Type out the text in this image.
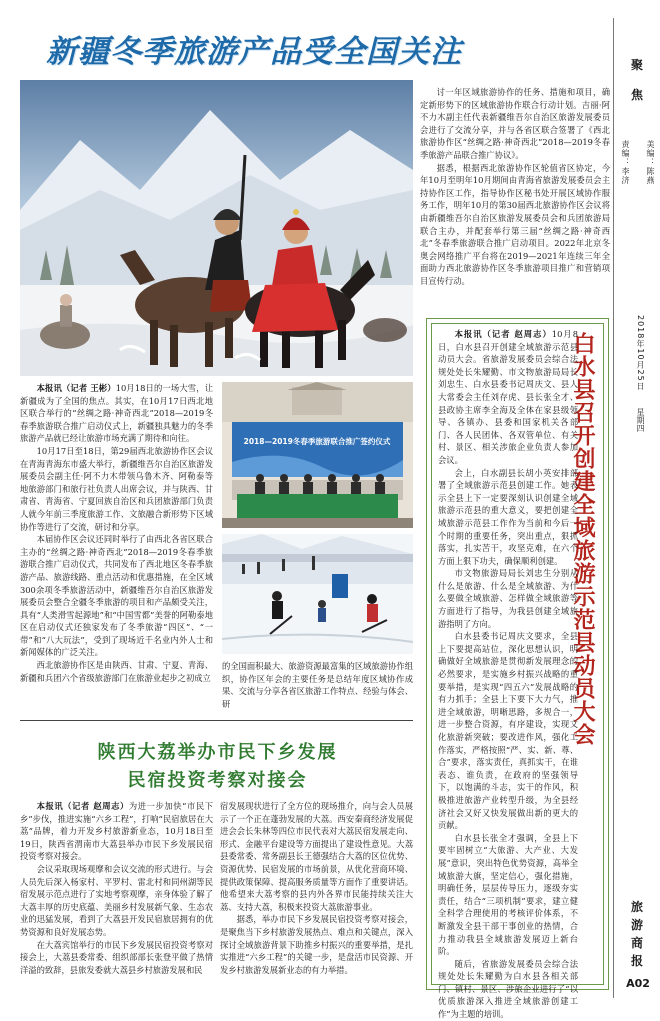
新疆冬季旅游产品受全国关注	聚
焦
责编：李济 美编：陈燕
2018年10月25日
星期四
旅
游
商
报
A02

本报讯（记者 王彬）10月18日的一场大雪，让新疆成为了全国的焦点。其实，在10月17日西北地区联合举行的“丝绸之路·神奇西北”2018—2019冬春季旅游联合推广启动仪式上，新疆独具魅力的冬季旅游产品就已经让旅游市场充满了期待和向往。

10月17日至18日，第29届西北旅游协作区会议在青海青海东市盛大举行，新疆维吾尔自治区旅游发展委员会副主任·阿不力木带领乌鲁木齐、阿勒泰等地旅游部门和旅行社负责人出席会议，并与陕西、甘肃省、青海省、宁夏回族自治区和兵团旅游部门负责人就今年前三季度旅游工作、文旅融合新形势下区域协作等进行了交流，研讨和分享。

本届协作区会议还同时举行了由西北各省区联合主办的“丝绸之路·神奇西北”2018—2019冬春季旅游联合推广启动仪式，共同发布了西北地区冬春季旅游产品、旅游线路、重点活动和优惠措施，在全区域300余项冬季旅游活动中，新疆维吾尔自治区旅游发展委员会整合全疆冬季旅游的项目和产品颇受关注，具有“人类滑雪起源地”和“中国雪都”美誉的阿勒泰地区在启动仪式还独家发布了冬季旅游“四区”、“一带”和“八大玩法”，受到了现场近千名业内外人士和新闻媒体的广泛关注。

西北旅游协作区是由陕西、甘肃、宁夏、青海、新疆和兵团六个省级旅游部门在旅游业起步之初成立

2018—2019冬春季旅游联合推广签约仪式

讨一年区域旅游协作的任务、措施和项目，确定新形势下的区域旅游协作联合行动计划。吉丽·阿不力木副主任代表新疆维吾尔自治区旅游发展委员会进行了交流分享，并与各省区联合签署了《西北旅游协作区“丝绸之路·神奇西北”2018—2019冬春季旅游产品联合推广协议》。

据悉，根据西北旅游协作区轮值省区协定，今年10月至明年10月期间由青海省旅游发展委员会主持协作区工作，指导协作区秘书处开展区域协作服务工作，明年10月的第30届西北旅游协作区会议将由新疆维吾尔自治区旅游发展委员会和兵团旅游局联合主办，并配套举行第三届“丝绸之路·神奇西北”冬春季旅游联合推广启动项目。2022年北京冬奥会网络推广平台将在2019—2021年连续三年全面助力西北旅游协作区冬季旅游项目推广和营销项目宣传行动。

的全国面积最大、旅游资源最富集的区域旅游协作组织，协作区年会的主要任务是总结年度区域协作成果、交流与分享各省区旅游工作特点、经验与体会、研

陕西大荔举办市民下乡发展
民宿投资考察对接会

本报讯（记者 赵周志）为进一步加快“市民下乡”步伐，推进实施“六乡工程”，打响“民宿旅居在大荔”品牌，着力开发乡村旅游新业态，10月18日至19日，陕西省渭南市大荔县举办市民下乡发展民宿投资考察对接会。

会议采取现场观摩和会议交流的形式进行。与会人员先后深入杨家村、平罗村、雷北村和同州湖等民宿发展示范点进行了实地考察观摩，亲身体验了解了大荔丰厚的历史底蕴、美丽乡村发展新气象、生态农业的迅猛发展，看到了大荔县开发民宿旅居拥有的优势资源和良好发展态势。

在大荔宾馆举行的市民下乡发展民宿投资考察对接会上，大荔县委常委、组织部部长张登平做了热情洋溢的致辞，县旅发委就大荔县乡村旅游发展和民

宿发展现状进行了全方位的现场推介，向与会人员展示了一个正在蓬勃发展的大荔。西安秦商经济发展促进会会长朱林等四位市民代表对大荔民宿发展走向、形式、金融平台建设等方面提出了建设性意见。大荔县委常委、常务副县长王德强结合大荔的区位优势、资源优势、民宿发展的市场前景，从优化营商环境、提供政策保障、提高服务质量等方面作了重要讲话。他希望来大荔考察的县内外各界市民能持续关注大荔、支持大荔，积极来投资大荔旅游事业。

据悉，举办市民下乡发展民宿投资考察对接会，是聚焦当下乡村旅游发展热点、难点和关键点，深入探讨全域旅游背景下助推乡村振兴的重要举措，是扎实推进“六乡工程”的关键一步，是盘活市民资源、开发乡村旅游发展新业态的有力举措。

白水县召开创建全域旅游示范县动员大会

本报讯（记者 赵周志）10月8日，白水县召开创建全域旅游示范县动员大会。省旅游发展委员会综合法规处处长朱耀勤、市文物旅游局局长刘忠生、白水县委书记周庆文、县人大常委会主任刘存虎、县长张全才、县政协主席李全海及全体在家县级领导、各镇办、县委和国家机关各部门、各人民团体、各双管单位、有关村、景区、相关涉旅企业负责人参加会议。

会上，白水副县长胡小英安排部署了全域旅游示范县创建工作。她表示全县上下一定要深刻认识创建全域旅游示范县的重大意义，要把创建全域旅游示范县工作作为当前和今后一个时期的重要任务，突出重点，狠抓落实，扎实苦干，攻坚克难，在六个方面上狠下功夫，确保顺利创建。

市文物旅游局局长刘忠生分别从什么是旅游、什么是全域旅游、为什么要做全域旅游、怎样做全域旅游等方面进行了指导，为我县创建全域旅游指明了方向。

白水县委书记周庆文要求，全县上下要提高站位，深化思想认识，明确做好全域旅游是贯彻新发展理念的必然要求，是实施乡村振兴战略的重要举措，是实现“四五六”发展战略的有力抓手；全县上下要下大力气，推进全域旅游，明晰思路，多规合一，进一步整合资源，有序建设，实现文化旅游新突破；要改进作风，强化工作落实，严格按照“严、实、新、尊、合”要求，落实责任，真抓实干，在谁表态、谁负责，在政府的坚强领导下，以饱满的斗志，实干的作风，积极推进旅游产业转型升级，为全县经济社会又好又快发展做出新的更大的贡献。

白水县长张全才强调，全县上下要牢固树立“大旅游、大产业、大发展”意识，突出特色优势资源，高举全域旅游大旗，坚定信心，强化措施，明确任务，层层传导压力，逐级夯实责任，结合“三项机制”要求，建立健全科学合理使用的考核评价体系，不断激发全县干部干事创业的热情，合力推动我县全域旅游发展迈上新台阶。

随后，省旅游发展委员会综合法规处处长朱耀勤为白水县各相关部门、镇村、景区、涉旅企业进行了“以优质旅游深入推进全域旅游创建工作”为主题的培训。
